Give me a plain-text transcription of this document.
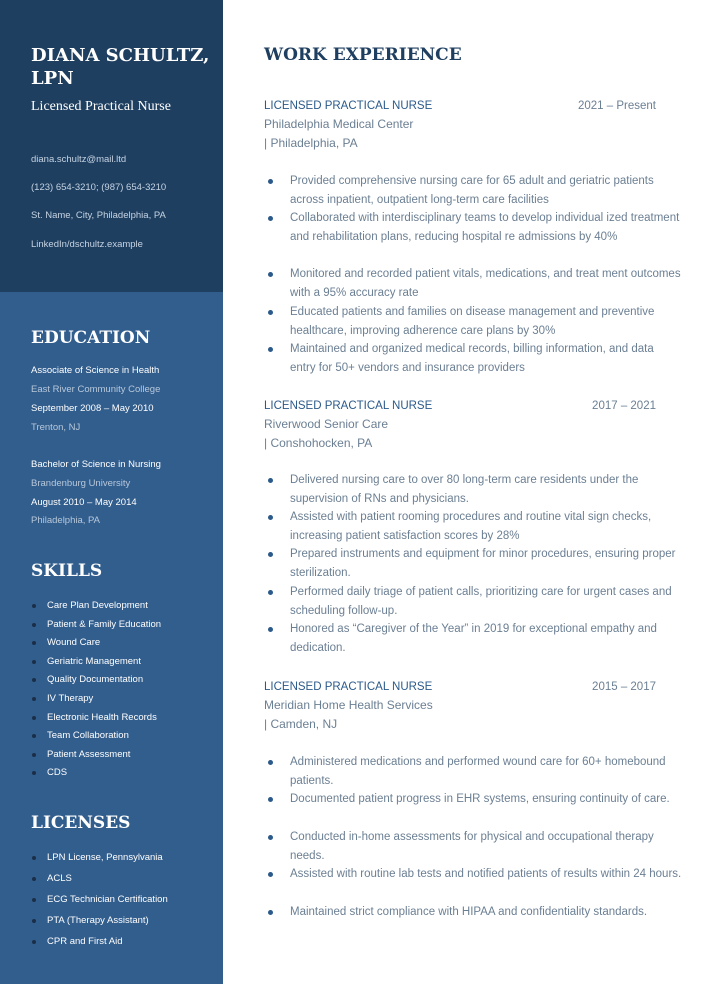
DIANA SCHULTZ, LPN
Licensed Practical Nurse
diana.schultz@mail.ltd
(123) 654-3210; (987) 654-3210
St. Name, City, Philadelphia, PA
LinkedIn/dschultz.example
EDUCATION
Associate of Science in Health
East River Community College
September 2008 – May 2010
Trenton, NJ
Bachelor of Science in Nursing
Brandenburg University
August 2010 – May 2014
Philadelphia, PA
SKILLS
Care Plan Development
Patient & Family Education
Wound Care
Geriatric Management
Quality Documentation
IV Therapy
Electronic Health Records
Team Collaboration
Patient Assessment
CDS
LICENSES
LPN License, Pennsylvania
ACLS
ECG Technician Certification
PTA (Therapy Assistant)
CPR and First Aid
WORK EXPERIENCE
LICENSED PRACTICAL NURSE	2021 – Present
Philadelphia Medical Center
| Philadelphia, PA
Provided comprehensive nursing care for 65 adult and geriatric patients across inpatient, outpatient long-term care facilities
Collaborated with interdisciplinary teams to develop individual ized treatment and rehabilitation plans, reducing hospital re admissions by 40%
Monitored and recorded patient vitals, medications, and treat ment outcomes with a 95% accuracy rate
Educated patients and families on disease management and preventive healthcare, improving adherence care plans by 30%
Maintained and organized medical records, billing information, and data entry for 50+ vendors and insurance providers
LICENSED PRACTICAL NURSE	2017 – 2021
Riverwood Senior Care
| Conshohocken, PA
Delivered nursing care to over 80 long-term care residents under the supervision of RNs and physicians.
Assisted with patient rooming procedures and routine vital sign checks, increasing patient satisfaction scores by 28%
Prepared instruments and equipment for minor procedures, ensuring proper sterilization.
Performed daily triage of patient calls, prioritizing care for urgent cases and scheduling follow-up.
Honored as “Caregiver of the Year” in 2019 for exceptional empathy and dedication.
LICENSED PRACTICAL NURSE	2015 – 2017
Meridian Home Health Services
| Camden, NJ
Administered medications and performed wound care for 60+ homebound patients.
Documented patient progress in EHR systems, ensuring continuity of care.
Conducted in-home assessments for physical and occupational therapy needs.
Assisted with routine lab tests and notified patients of results within 24 hours.
Maintained strict compliance with HIPAA and confidentiality standards.
